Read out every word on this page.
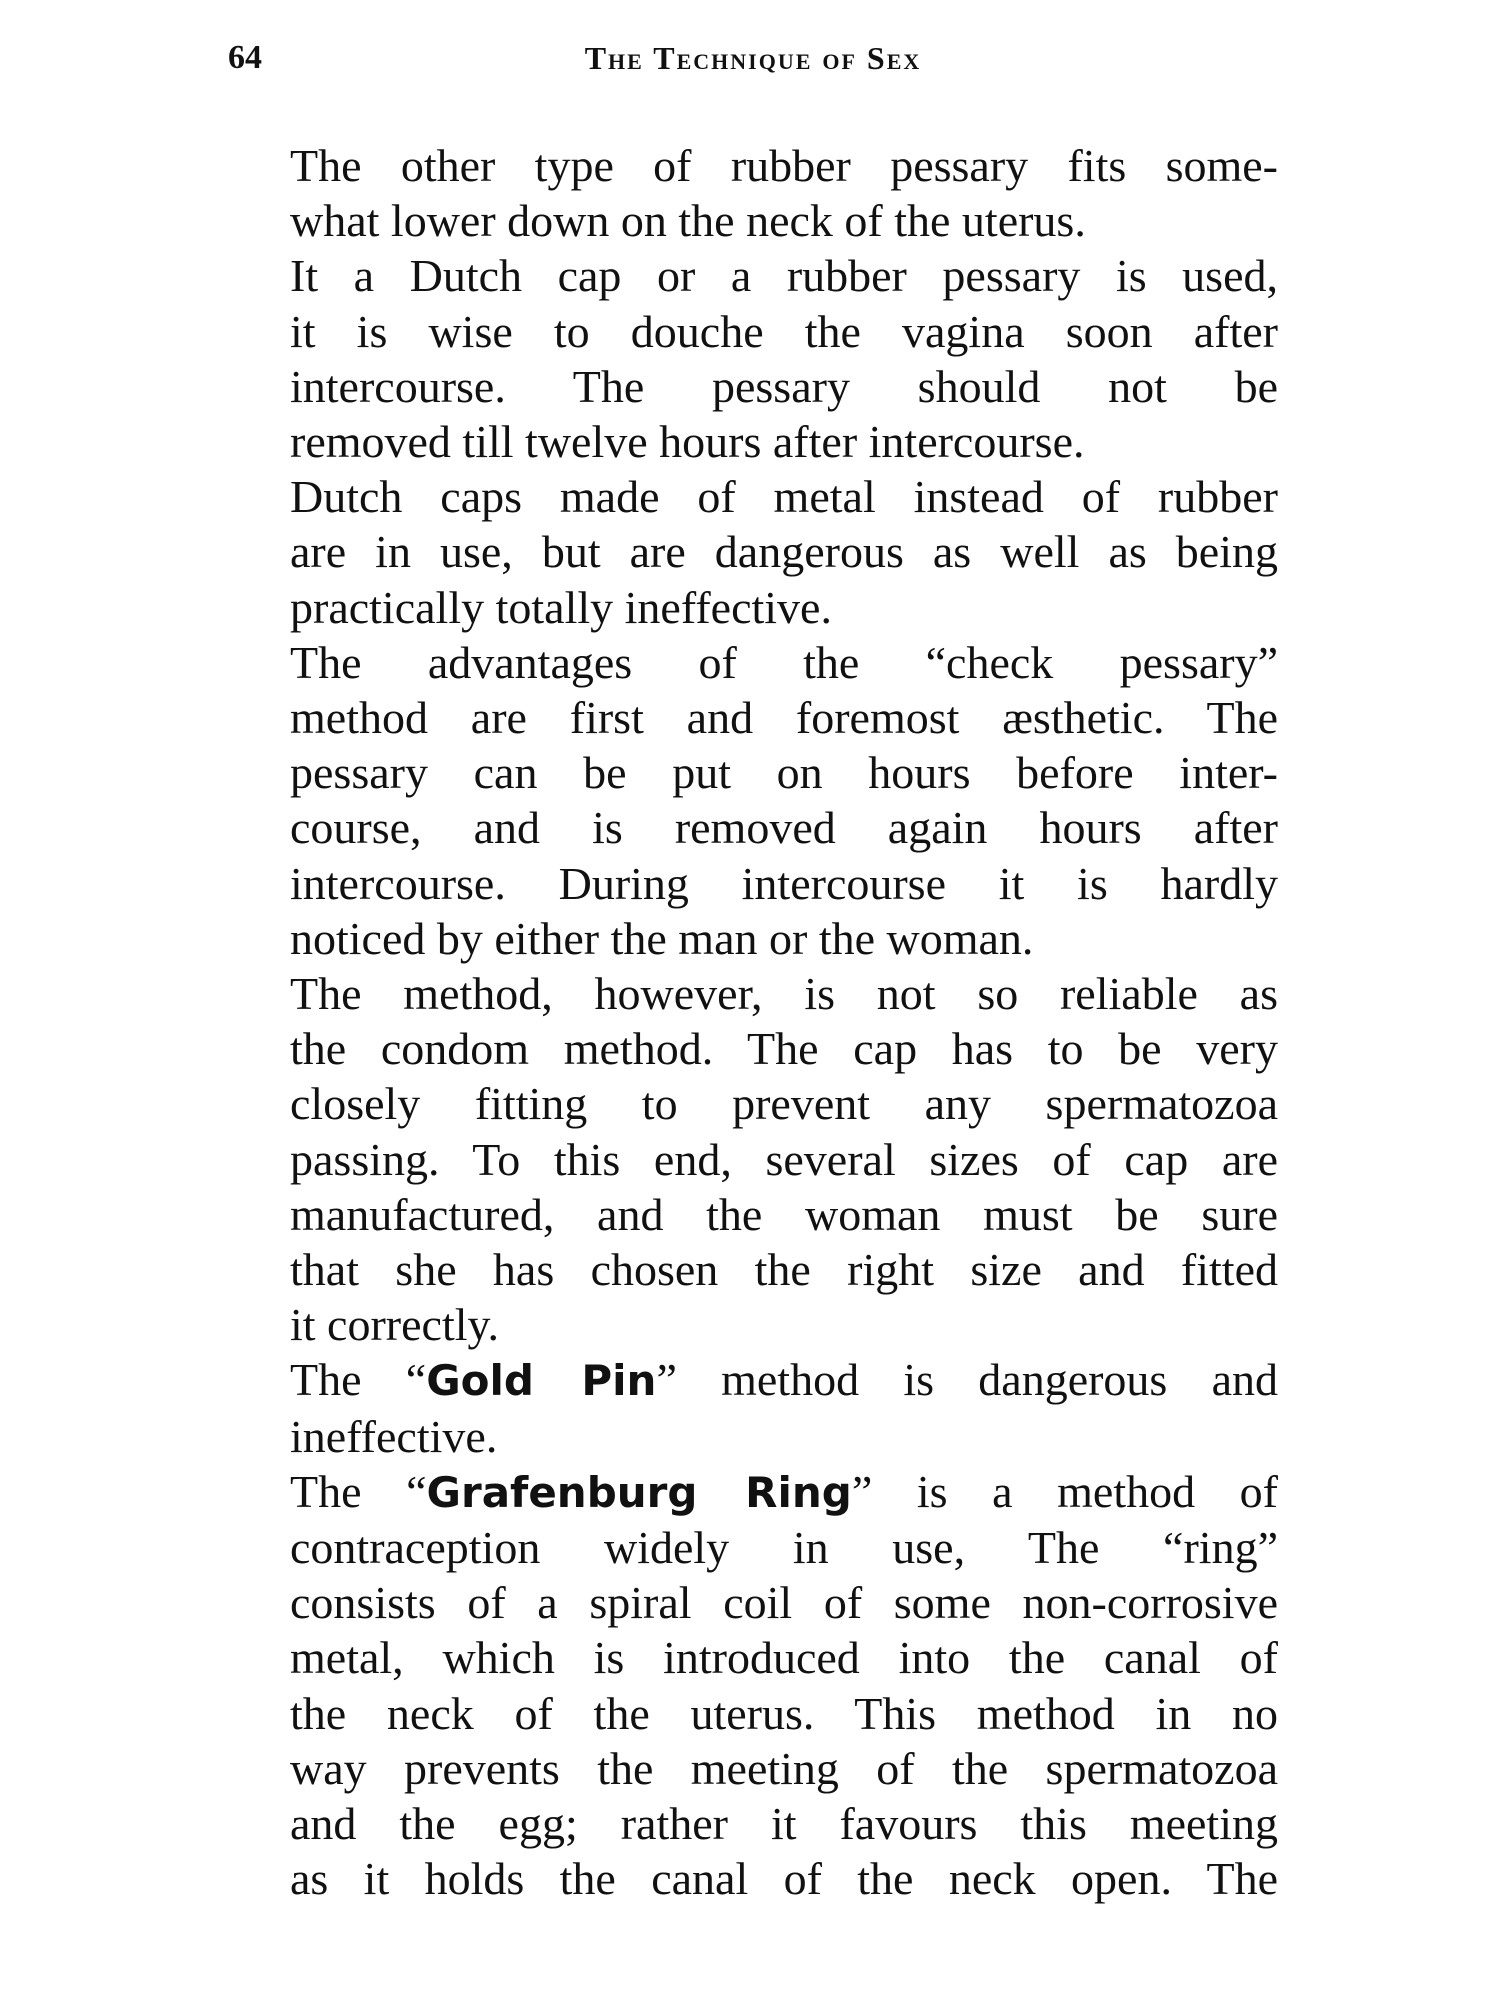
64	The Technique of Sex

The other type of rubber pessary fits some-
what lower down on the neck of the uterus.

It a Dutch cap or a rubber pessary is used,
it is wise to douche the vagina soon after
intercourse. The pessary should not be
removed till twelve hours after intercourse.

Dutch caps made of metal instead of rubber
are in use, but are dangerous as well as being
practically totally ineffective.

The advantages of the “check pessary”
method are first and foremost æsthetic. The
pessary can be put on hours before inter-
course, and is removed again hours after
intercourse. During intercourse it is hardly
noticed by either the man or the woman.

The method, however, is not so reliable as
the condom method. The cap has to be very
closely fitting to prevent any spermatozoa
passing. To this end, several sizes of cap are
manufactured, and the woman must be sure
that she has chosen the right size and fitted
it correctly.

The “Gold Pin” method is dangerous and
ineffective.

The “Grafenburg Ring” is a method of
contraception widely in use, The “ring”
consists of a spiral coil of some non-corrosive
metal, which is introduced into the canal of
the neck of the uterus. This method in no
way prevents the meeting of the spermatozoa
and the egg; rather it favours this meeting
as it holds the canal of the neck open. The
